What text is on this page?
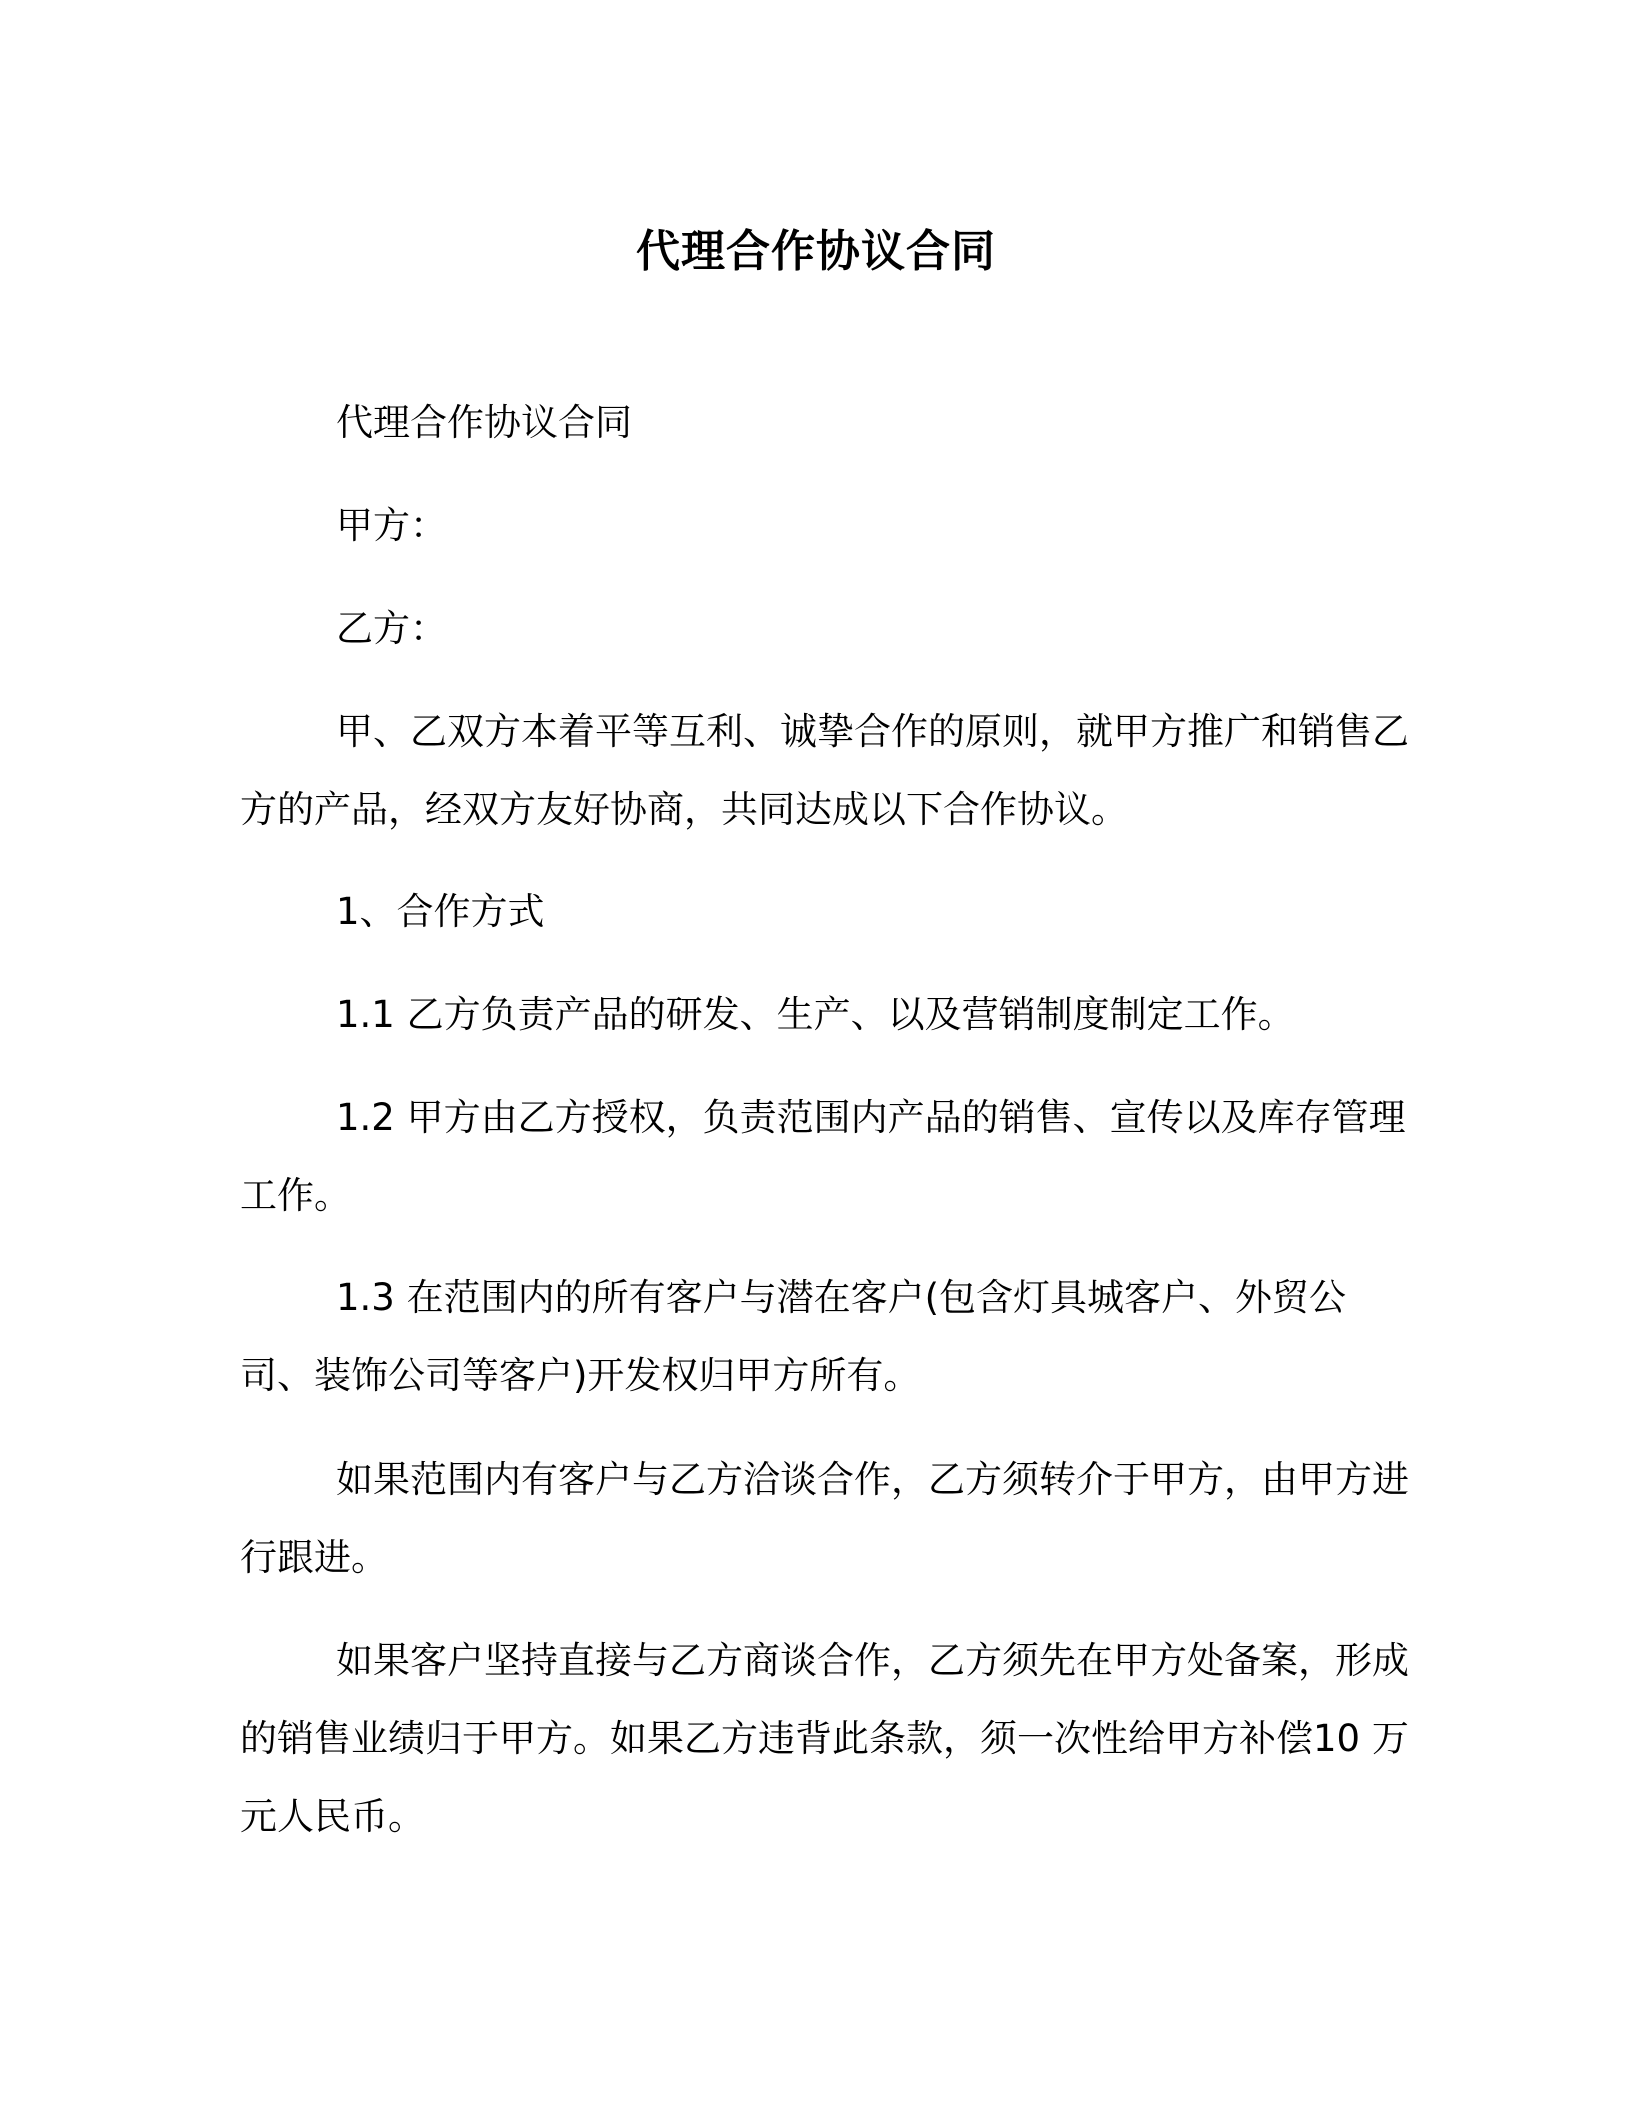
代理合作协议合同

代理合作协议合同

甲方：

乙方：

甲、乙双方本着平等互利、诚挚合作的原则，就甲方推广和销售乙方的产品，经双方友好协商，共同达成以下合作协议。

1、合作方式

1.1 乙方负责产品的研发、生产、以及营销制度制定工作。

1.2 甲方由乙方授权，负责范围内产品的销售、宣传以及库存管理工作。

1.3 在范围内的所有客户与潜在客户(包含灯具城客户、外贸公司、装饰公司等客户)开发权归甲方所有。

如果范围内有客户与乙方洽谈合作，乙方须转介于甲方，由甲方进行跟进。

如果客户坚持直接与乙方商谈合作，乙方须先在甲方处备案，形成的销售业绩归于甲方。如果乙方违背此条款，须一次性给甲方补偿10 万元人民币。
